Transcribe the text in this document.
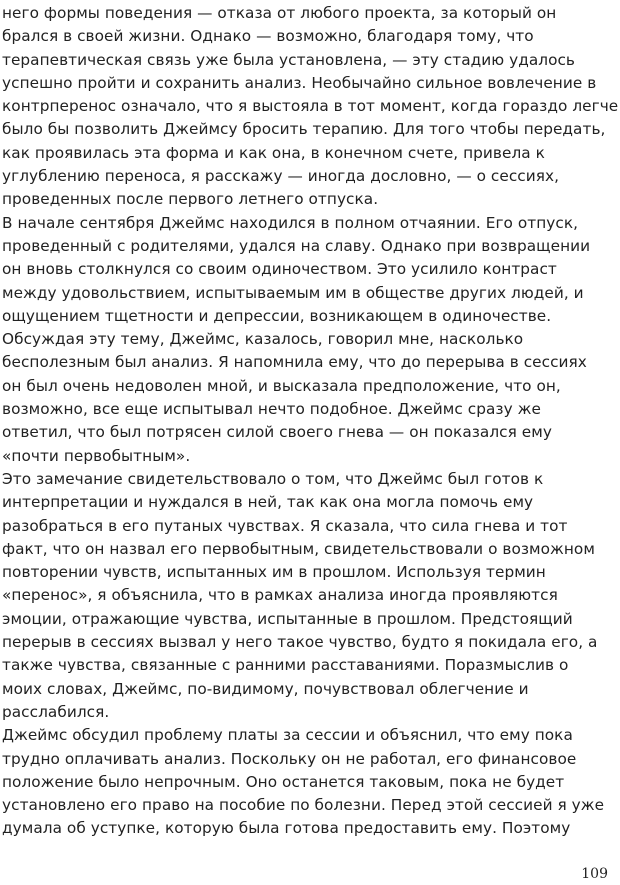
него формы поведения — отказа от любого проекта, за который он
брался в своей жизни. Однако — возможно, благодаря тому, что
терапевтическая связь уже была установлена, — эту стадию удалось
успешно пройти и сохранить анализ. Необычайно сильное вовлечение в
контрперенос означало, что я выстояла в тот момент, когда гораздо легче
было бы позволить Джеймсу бросить терапию. Для того чтобы передать,
как проявилась эта форма и как она, в конечном счете, привела к
углублению переноса, я расскажу — иногда дословно, — о сессиях,
проведенных после первого летнего отпуска.
В начале сентября Джеймс находился в полном отчаянии. Его отпуск,
проведенный с родителями, удался на славу. Однако при возвращении
он вновь столкнулся со своим одиночеством. Это усилило контраст
между удовольствием, испытываемым им в обществе других людей, и
ощущением тщетности и депрессии, возникающем в одиночестве.
Обсуждая эту тему, Джеймс, казалось, говорил мне, насколько
бесполезным был анализ. Я напомнила ему, что до перерыва в сессиях
он был очень недоволен мной, и высказала предположение, что он,
возможно, все еще испытывал нечто подобное. Джеймс сразу же
ответил, что был потрясен силой своего гнева — он показался ему
«почти первобытным».
Это замечание свидетельствовало о том, что Джеймс был готов к
интерпретации и нуждался в ней, так как она могла помочь ему
разобраться в его путаных чувствах. Я сказала, что сила гнева и тот
факт, что он назвал его первобытным, свидетельствовали о возможном
повторении чувств, испытанных им в прошлом. Используя термин
«перенос», я объяснила, что в рамках анализа иногда проявляются
эмоции, отражающие чувства, испытанные в прошлом. Предстоящий
перерыв в сессиях вызвал у него такое чувство, будто я покидала его, а
также чувства, связанные с ранними расставаниями. Поразмыслив о
моих словах, Джеймс, по-видимому, почувствовал облегчение и
расслабился.
Джеймс обсудил проблему платы за сессии и объяснил, что ему пока
трудно оплачивать анализ. Поскольку он не работал, его финансовое
положение было непрочным. Оно останется таковым, пока не будет
установлено его право на пособие по болезни. Перед этой сессией я уже
думала об уступке, которую была готова предоставить ему. Поэтому
109
